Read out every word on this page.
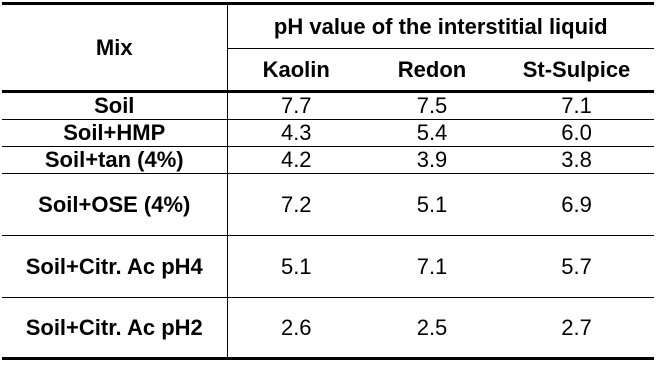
Mix	pH value of the interstitial liquid		
	Kaolin	Redon	St-Sulpice
Soil	7.7	7.5	7.1
Soil+HMP	4.3	5.4	6.0
Soil+tan (4%)	4.2	3.9	3.8
Soil+OSE (4%)	7.2	5.1	6.9
Soil+Citr. Ac pH4	5.1	7.1	5.7
Soil+Citr. Ac pH2	2.6	2.5	2.7
